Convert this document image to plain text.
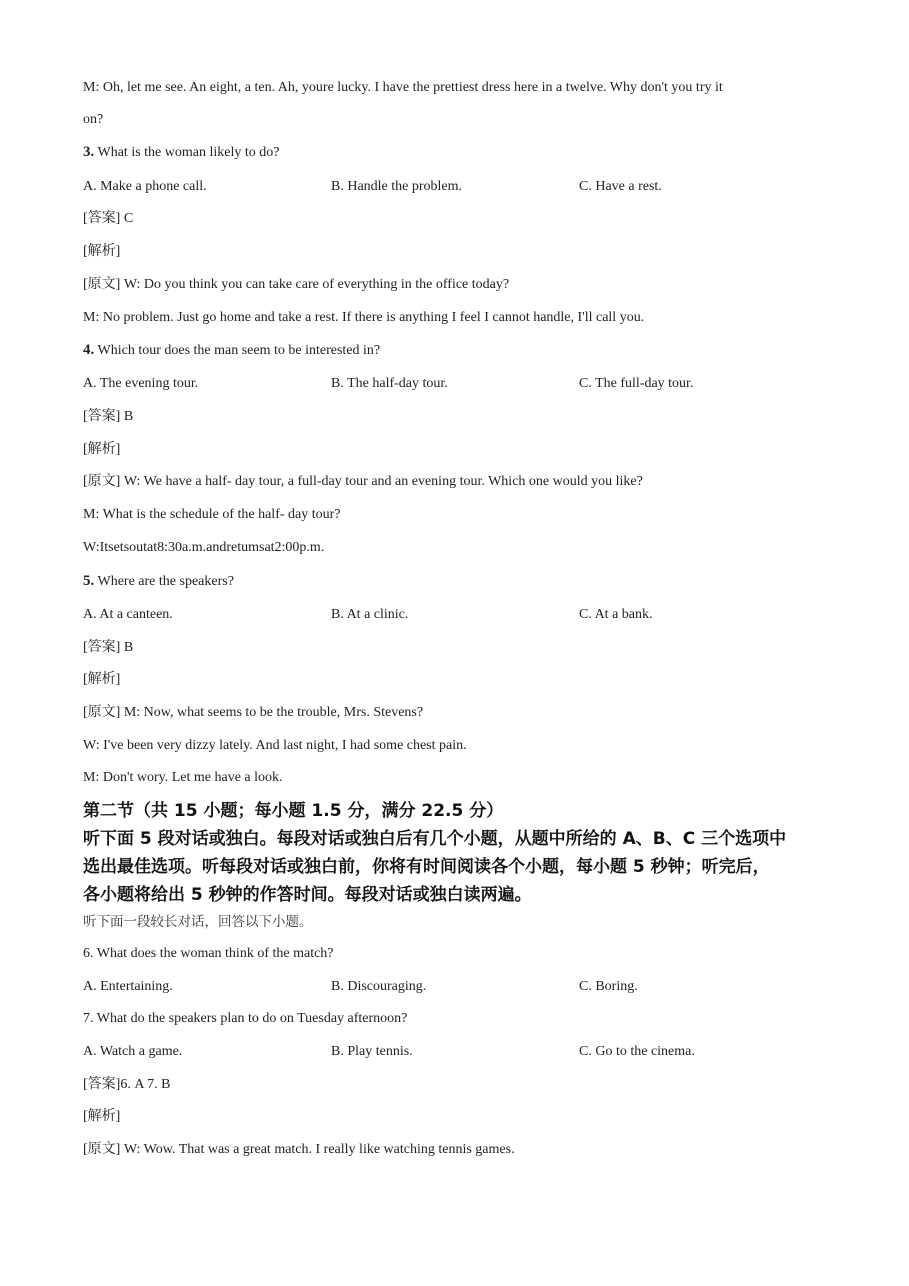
M: Oh, let me see. An eight, a ten. Ah, youre lucky. I have the prettiest dress here in a twelve. Why don't you try it
on?
3. What is the woman likely to do?
A. Make a phone call.	B. Handle the problem.	C. Have a rest.
[答案] C
[解析]
[原文] W: Do you think you can take care of everything in the office today?
M: No problem. Just go home and take a rest. If there is anything I feel I cannot handle, I'll call you.
4. Which tour does the man seem to be interested in?
A. The evening tour.	B. The half-day tour.	C. The full-day tour.
[答案] B
[解析]
[原文] W: We have a half- day tour, a full-day tour and an evening tour. Which one would you like?
M: What is the schedule of the half- day tour?
W:Itsetsoutat8:30a.m.andretumsat2:00p.m.
5. Where are the speakers?
A. At a canteen.	B. At a clinic.	C. At a bank.
[答案] B
[解析]
[原文] M: Now, what seems to be the trouble, Mrs. Stevens?
W: I've been very dizzy lately. And last night, I had some chest pain.
M: Don't wory. Let me have a look.
第二节（共 15 小题；每小题 1.5 分，满分 22.5 分）
听下面 5 段对话或独白。每段对话或独白后有几个小题，从题中所给的 A、B、C 三个选项中
选出最佳选项。听每段对话或独白前，你将有时间阅读各个小题，每小题 5 秒钟；听完后，
各小题将给出 5 秒钟的作答时间。每段对话或独白读两遍。
听下面一段较长对话，回答以下小题。
6. What does the woman think of the match?
A. Entertaining.	B. Discouraging.	C. Boring.
7. What do the speakers plan to do on Tuesday afternoon?
A. Watch a game.	B. Play tennis.	C. Go to the cinema.
[答案]6. A 7. B
[解析]
[原文] W: Wow. That was a great match. I really like watching tennis games.
